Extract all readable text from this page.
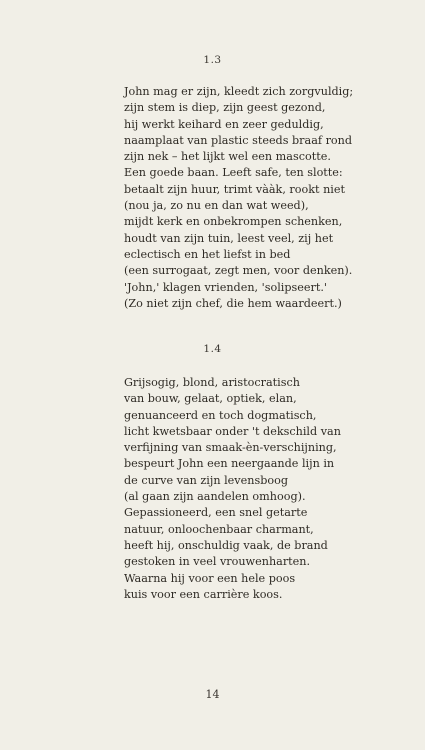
1.3
John mag er zijn, kleedt zich zorgvuldig;
zijn stem is diep, zijn geest gezond,
hij werkt keihard en zeer geduldig,
naamplaat van plastic steeds braaf rond
zijn nek – het lijkt wel een mascotte.
Een goede baan. Leeft safe, ten slotte:
betaalt zijn huur, trimt vààk, rookt niet
(nou ja, zo nu en dan wat weed),
mijdt kerk en onbekrompen schenken,
houdt van zijn tuin, leest veel, zij het
eclectisch en het liefst in bed
(een surrogaat, zegt men, voor denken).
'John,' klagen vrienden, 'solipseert.'
(Zo niet zijn chef, die hem waardeert.)
1.4
Grijsogig, blond, aristocratisch
van bouw, gelaat, optiek, elan,
genuanceerd en toch dogmatisch,
licht kwetsbaar onder 't dekschild van
verfijning van smaak-èn-verschijning,
bespeurt John een neergaande lijn in
de curve van zijn levensboog
(al gaan zijn aandelen omhoog).
Gepassioneerd, een snel getarte
natuur, onloochenbaar charmant,
heeft hij, onschuldig vaak, de brand
gestoken in veel vrouwenharten.
Waarna hij voor een hele poos
kuis voor een carrière koos.
14
